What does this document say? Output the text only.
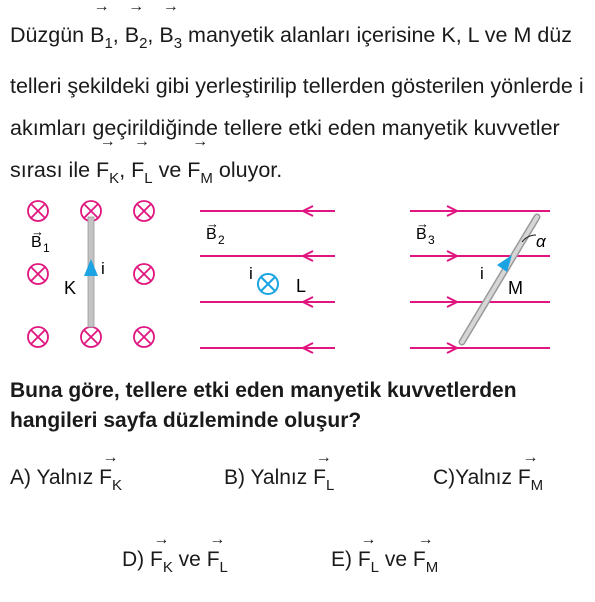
Düzgün → $B_1$, → $B_2$, → $B_3$ manyetik alanları içerisine K, L ve M düz telleri şekildeki gibi yerleştirilip tellerden gösterilen yönlerde i akımları geçirildiğinde tellere etki eden manyetik kuvvetler sırası ile → $F_K$, → $F_L$ ve → $F_M$ oluyor.
i
K
B 1
→	B 2
→
i
L
B 3
→
α
i
M
Buna göre, tellere etki eden manyetik kuvvetlerden hangileri sayfa düzleminde oluşur?
A) Yalnız → $F_K$	B) Yalnız → $F_L$	C)Yalnız → $F_M$
$D) \to F_K$ ve → $F_L$	$E) \to F_L$ ve → $F_M$
